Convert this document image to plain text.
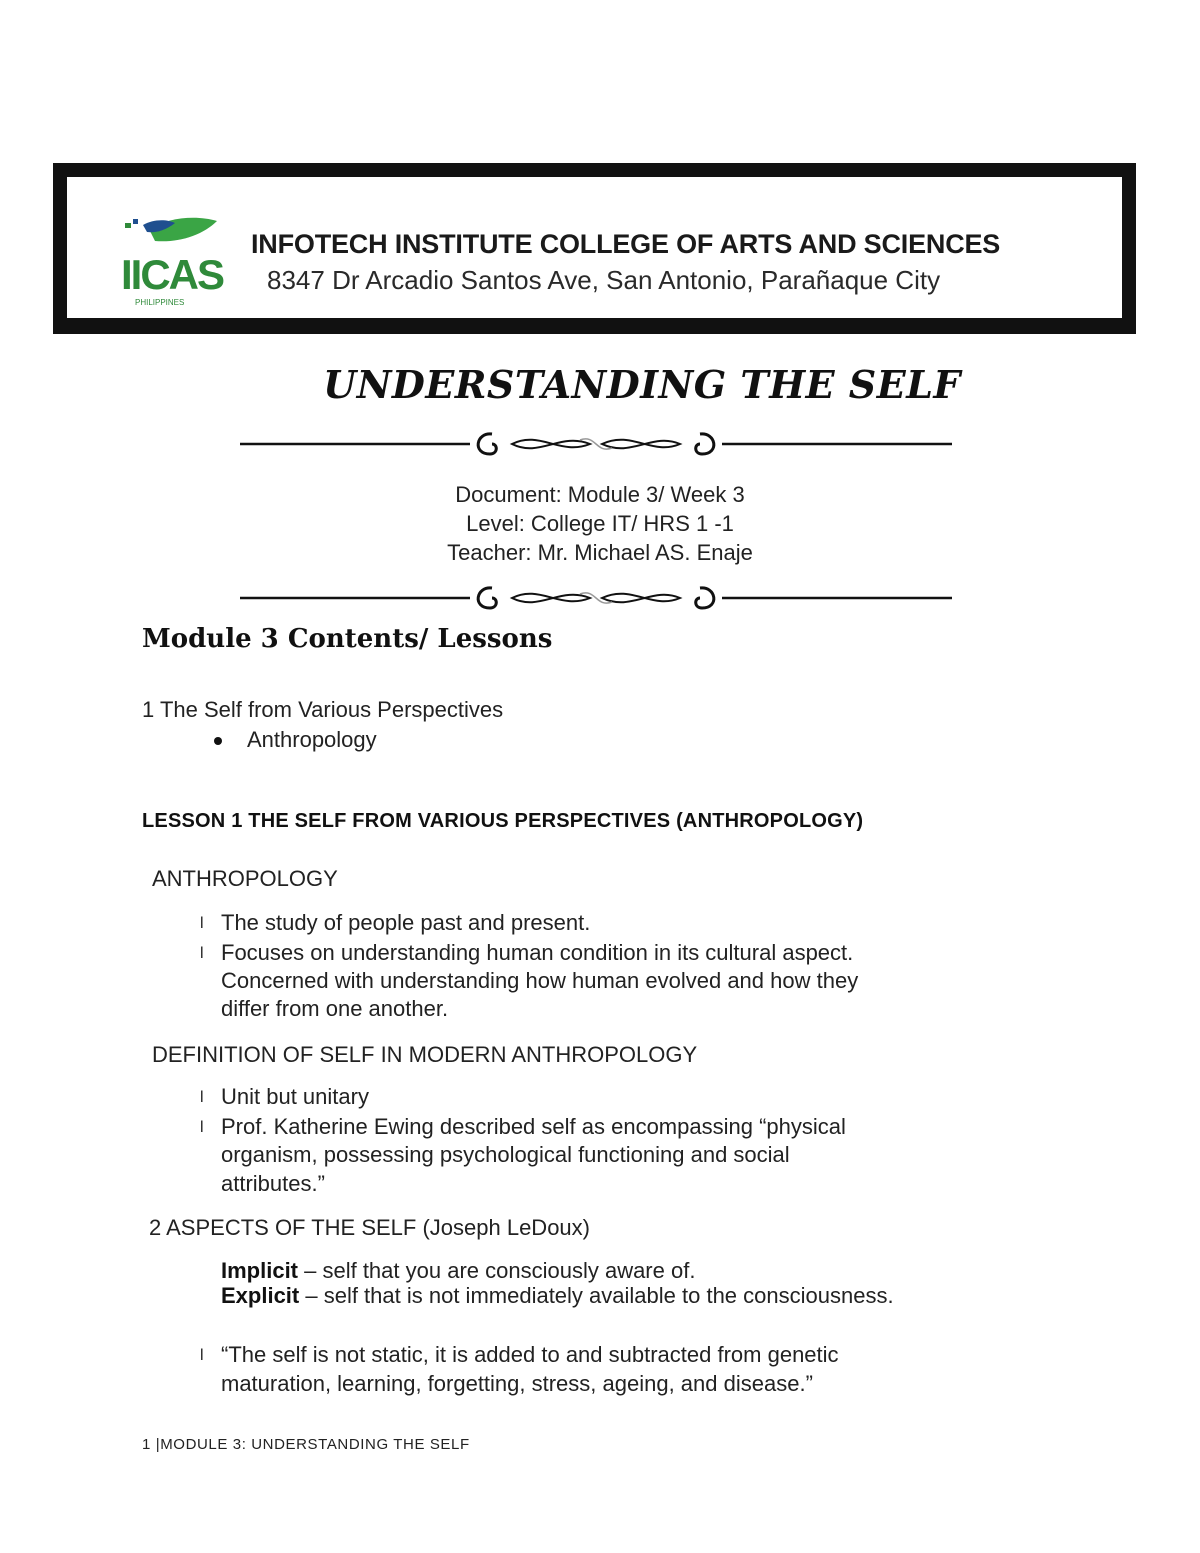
IICAS
PHILIPPINES
INFOTECH INSTITUTE COLLEGE OF ARTS AND SCIENCES
8347 Dr Arcadio Santos Ave, San Antonio, Parañaque City
UNDERSTANDING THE SELF
Document: Module 3/ Week 3
Level: College IT/ HRS 1 -1
Teacher: Mr. Michael AS. Enaje
Module 3 Contents/ Lessons
1 The Self from Various Perspectives
Anthropology
LESSON 1 THE SELF FROM VARIOUS PERSPECTIVES (ANTHROPOLOGY)
ANTHROPOLOGY
l The study of people past and present.
l Focuses on understanding human condition in its cultural aspect.
Concerned with understanding how human evolved and how they
differ from one another.
DEFINITION OF SELF IN MODERN ANTHROPOLOGY
l Unit but unitary
l Prof. Katherine Ewing described self as encompassing “physical
organism, possessing psychological functioning and social
attributes.”
2 ASPECTS OF THE SELF (Joseph LeDoux)
Implicit – self that you are consciously aware of.
Explicit – self that is not immediately available to the consciousness.
l “The self is not static, it is added to and subtracted from genetic
maturation, learning, forgetting, stress, ageing, and disease.”
1 |MODULE 3: UNDERSTANDING THE SELF
